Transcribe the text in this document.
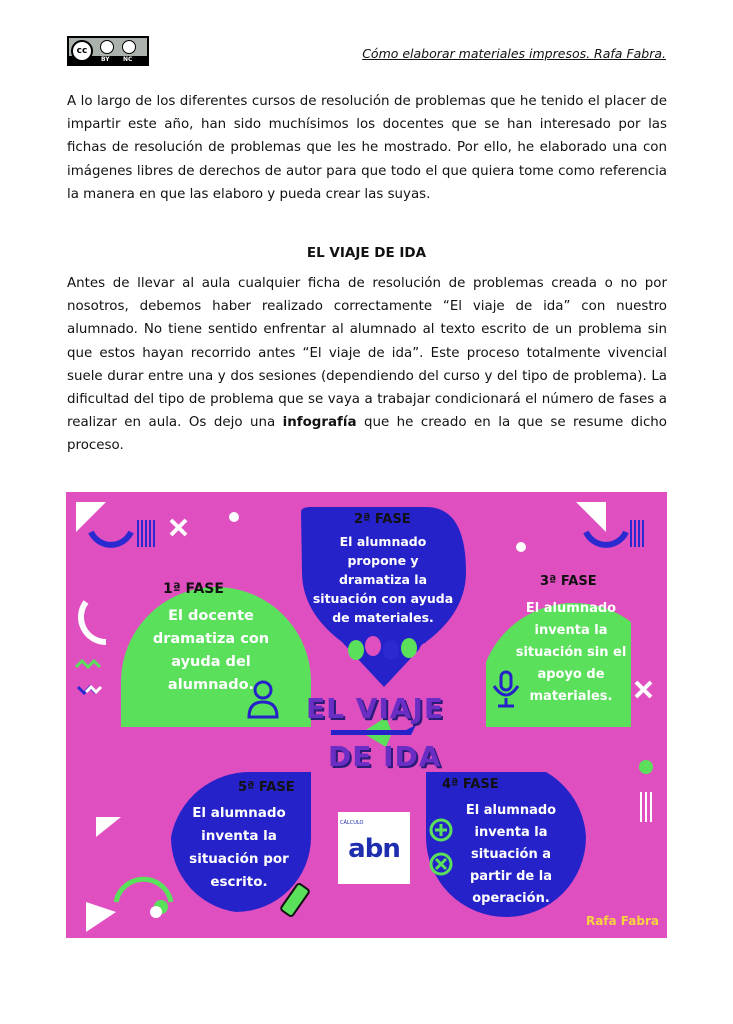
cc
BY NC	Cómo elaborar materiales impresos. Rafa Fabra.

A lo largo de los diferentes cursos de resolución de problemas que he tenido el placer de impartir este año, han sido muchísimos los docentes que se han interesado por las fichas de resolución de problemas que les he mostrado. Por ello, he elaborado una con imágenes libres de derechos de autor para que todo el que quiera tome como referencia la manera en que las elaboro y pueda crear las suyas.

EL VIAJE DE IDA

Antes de llevar al aula cualquier ficha de resolución de problemas creada o no por nosotros, debemos haber realizado correctamente “El viaje de ida” con nuestro alumnado. No tiene sentido enfrentar al alumnado al texto escrito de un problema sin que estos hayan recorrido antes “El viaje de ida”. Este proceso totalmente vivencial suele durar entre una y dos sesiones (dependiendo del curso y del tipo de problema). La dificultad del tipo de problema que se vaya a trabajar condicionará el número de fases a realizar en aula. Os dejo una infografía que he creado en la que se resume dicho proceso.

1ª FASE

El docente
dramatiza con
ayuda del
alumnado.

2ª FASE

El alumnado
propone y
dramatiza la
situación con ayuda
de materiales.

3ª FASE

El alumnado
inventa la
situación sin el
apoyo de
materiales.

4ª FASE

El alumnado
inventa la
situación a
partir de la
operación.

5ª FASE

El alumnado
inventa la
situación por
escrito.
EL VIAJE
DE IDA
CÁLCULO
abn
Rafa Fabra
